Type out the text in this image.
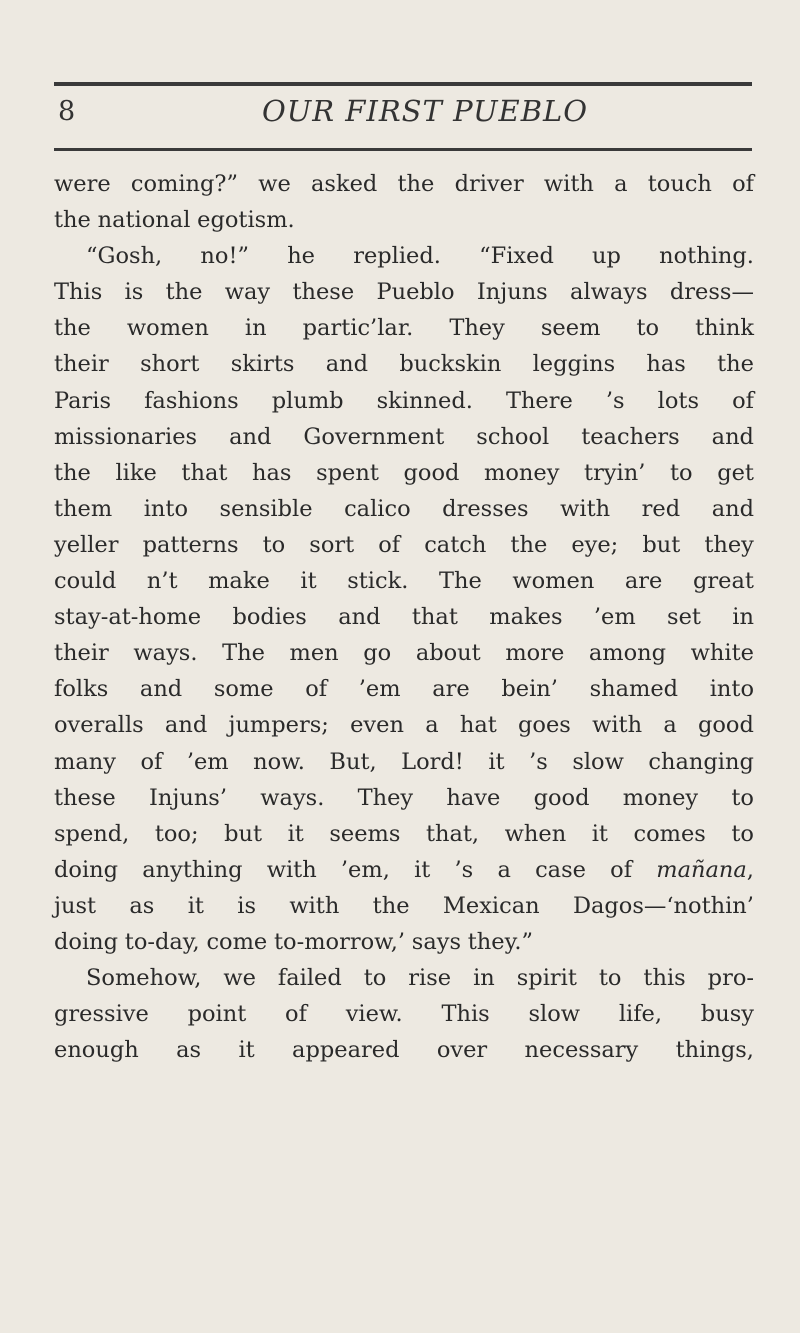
8	OUR FIRST PUEBLO
were coming?” we asked the driver with a touch of
the national egotism.
“Gosh, no!” he replied. “Fixed up nothing.
This is the way these Pueblo Injuns always dress—
the women in partic’lar. They seem to think
their short skirts and buckskin leggins has the
Paris fashions plumb skinned. There ’s lots of
missionaries and Government school teachers and
the like that has spent good money tryin’ to get
them into sensible calico dresses with red and
yeller patterns to sort of catch the eye; but they
could n’t make it stick. The women are great
stay-at-home bodies and that makes ’em set in
their ways. The men go about more among white
folks and some of ’em are bein’ shamed into
overalls and jumpers; even a hat goes with a good
many of ’em now. But, Lord! it ’s slow changing
these Injuns’ ways. They have good money to
spend, too; but it seems that, when it comes to
doing anything with ’em, it ’s a case of mañana,
just as it is with the Mexican Dagos—‘nothin’
doing to-day, come to-morrow,’ says they.”
Somehow, we failed to rise in spirit to this pro-
gressive point of view. This slow life, busy
enough as it appeared over necessary things,
